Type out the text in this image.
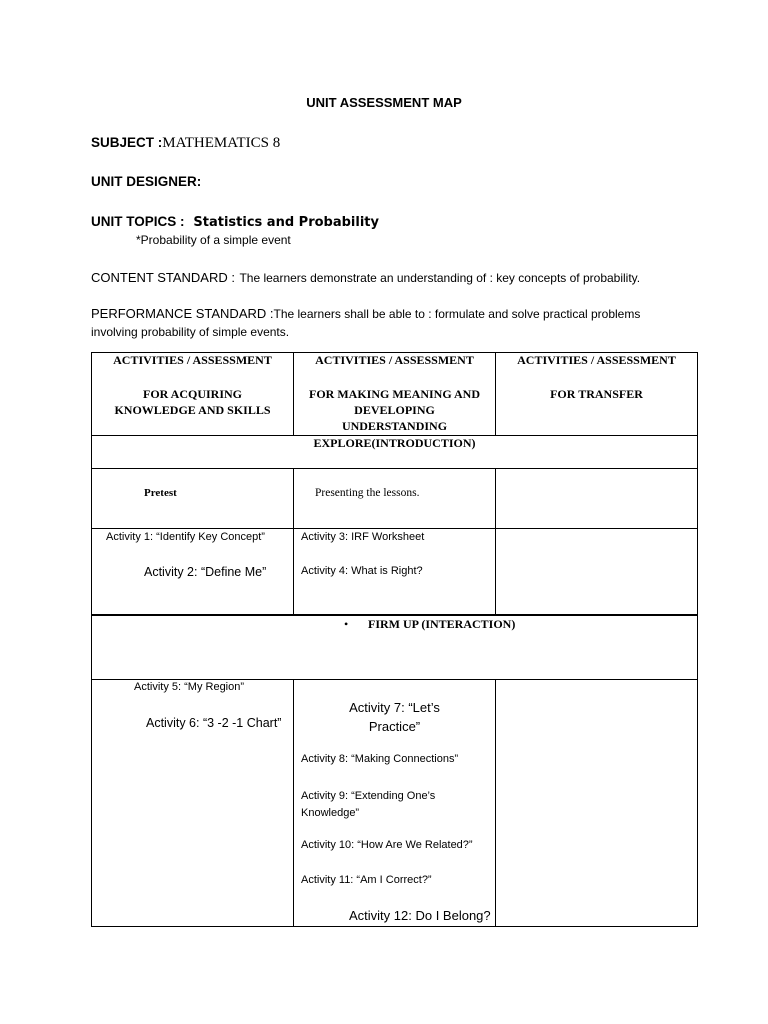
UNIT ASSESSMENT MAP
SUBJECT :MATHEMATICS 8
UNIT DESIGNER:
UNIT TOPICS : Statistics and Probability
*Probability of a simple event
CONTENT STANDARD : The learners demonstrate an understanding of : key concepts of probability.
PERFORMANCE STANDARD :The learners shall be able to : formulate and solve practical problems
involving probability of simple events.
ACTIVITIES / ASSESSMENT
FOR ACQUIRING
KNOWLEDGE AND SKILLS
ACTIVITIES / ASSESSMENT
FOR MAKING MEANING AND
DEVELOPING
UNDERSTANDING
ACTIVITIES / ASSESSMENT
FOR TRANSFER
EXPLORE(INTRODUCTION)
Pretest	Presenting the lessons.
Activity 1: “Identify Key Concept”
Activity 2: “Define Me”
Activity 3: IRF Worksheet
Activity 4: What is Right?
• FIRM UP (INTERACTION)
Activity 5: “My Region”
Activity 6: “3 -2 -1 Chart”
Activity 7: “Let’s
Practice”
Activity 8: “Making Connections”
Activity 9: “Extending One’s
Knowledge”
Activity 10: “How Are We Related?”
Activity 11: “Am I Correct?”
Activity 12: Do I Belong?
